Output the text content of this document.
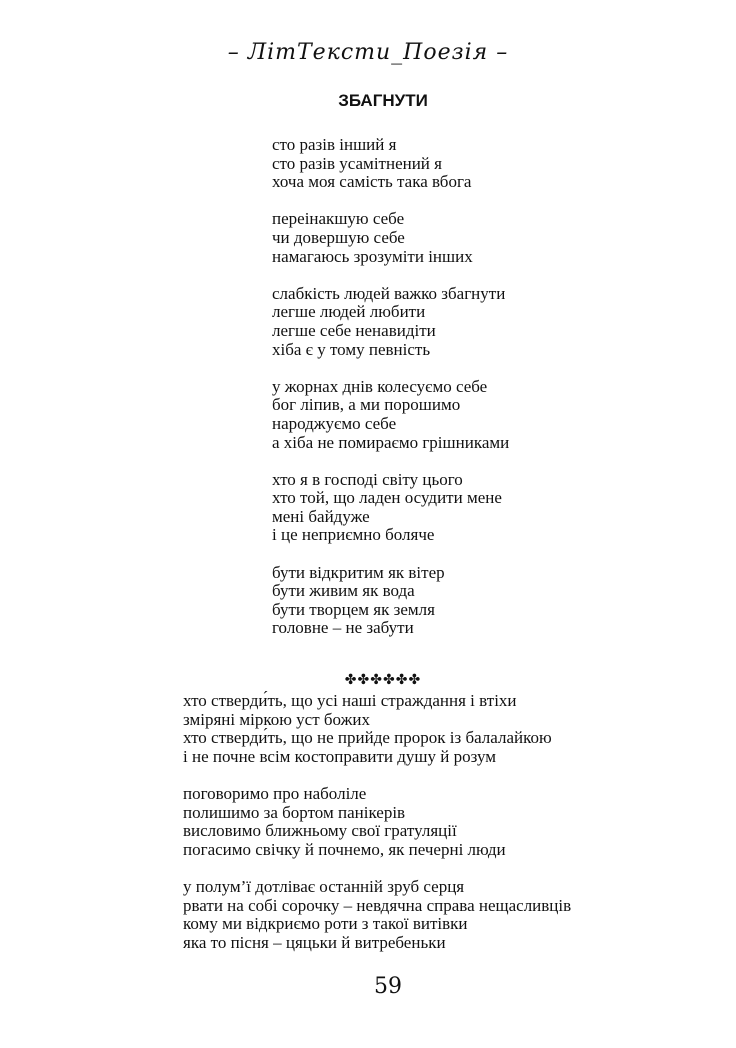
– ЛітТексти_Поезія –
ЗБАГНУТИ
сто разів інший я
сто разів усамітнений я
хоча моя самість така вбога
переінакшую себе
чи довершую себе
намагаюсь зрозуміти інших
слабкість людей важко збагнути
легше людей любити
легше себе ненавидіти
хіба є у тому певність
у жорнах днів колесуємо себе
бог ліпив, а ми порошимо
народжуємо себе
а хіба не помираємо грішниками
хто я в господі світу цього
хто той, що ладен осудити мене
мені байдуже
і це неприємно боляче
бути відкритим як вітер
бути живим як вода
бути творцем як земля
головне – не забути
✤✤✤✤✤✤
хто стверди́ть, що усі наші страждання і втіхи
зміряні міркою уст божих
хто стверди́ть, що не прийде пророк із балалайкою
і не почне всім костоправити душу й розум
поговоримо про наболіле
полишимо за бортом панікерів
висловимо ближньому свої гратуляції
погасимо свічку й почнемо, як печерні люди
у полум’ї дотліває останній зруб серця
рвати на собі сорочку – невдячна справа нещасливців
кому ми відкриємо роти з такої витівки
яка то пісня – цяцьки й витребеньки
59
